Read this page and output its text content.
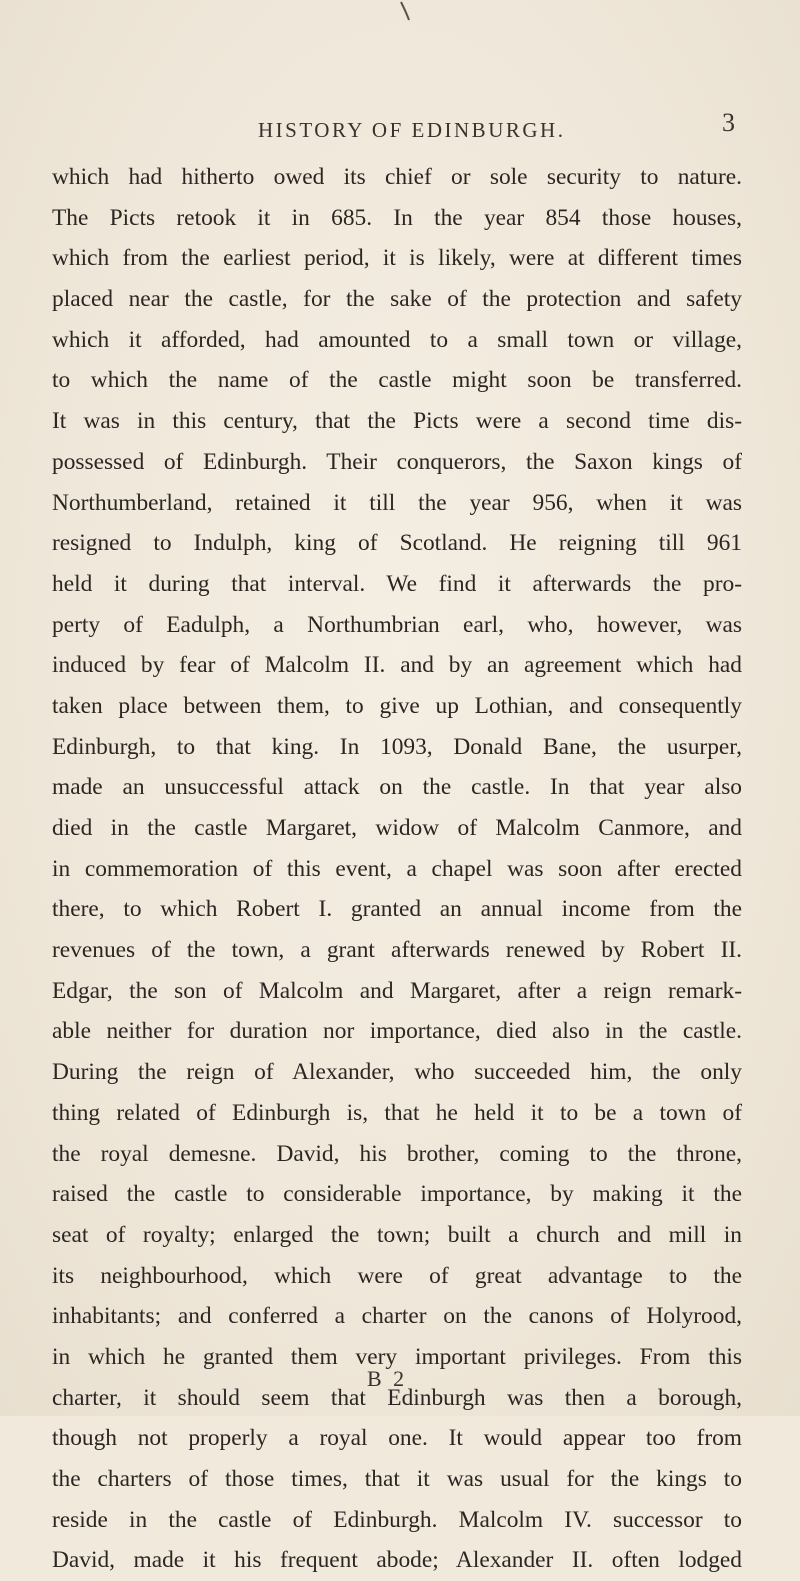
HISTORY OF EDINBURGH.	3
which had hitherto owed its chief or sole security to nature.
The Picts retook it in 685. In the year 854 those houses,
which from the earliest period, it is likely, were at different times
placed near the castle, for the sake of the protection and safety
which it afforded, had amounted to a small town or village,
to which the name of the castle might soon be transferred.
It was in this century, that the Picts were a second time dis-
possessed of Edinburgh. Their conquerors, the Saxon kings of
Northumberland, retained it till the year 956, when it was
resigned to Indulph, king of Scotland. He reigning till 961
held it during that interval. We find it afterwards the pro-
perty of Eadulph, a Northumbrian earl, who, however, was
induced by fear of Malcolm II. and by an agreement which had
taken place between them, to give up Lothian, and consequently
Edinburgh, to that king. In 1093, Donald Bane, the usurper,
made an unsuccessful attack on the castle. In that year also
died in the castle Margaret, widow of Malcolm Canmore, and
in commemoration of this event, a chapel was soon after erected
there, to which Robert I. granted an annual income from the
revenues of the town, a grant afterwards renewed by Robert II.
Edgar, the son of Malcolm and Margaret, after a reign remark-
able neither for duration nor importance, died also in the castle.
During the reign of Alexander, who succeeded him, the only
thing related of Edinburgh is, that he held it to be a town of
the royal demesne. David, his brother, coming to the throne,
raised the castle to considerable importance, by making it the
seat of royalty; enlarged the town; built a church and mill in
its neighbourhood, which were of great advantage to the
inhabitants; and conferred a charter on the canons of Holyrood,
in which he granted them very important privileges. From this
charter, it should seem that Edinburgh was then a borough,
though not properly a royal one. It would appear too from
the charters of those times, that it was usual for the kings to
reside in the castle of Edinburgh. Malcolm IV. successor to
David, made it his frequent abode; Alexander II. often lodged
B 2
